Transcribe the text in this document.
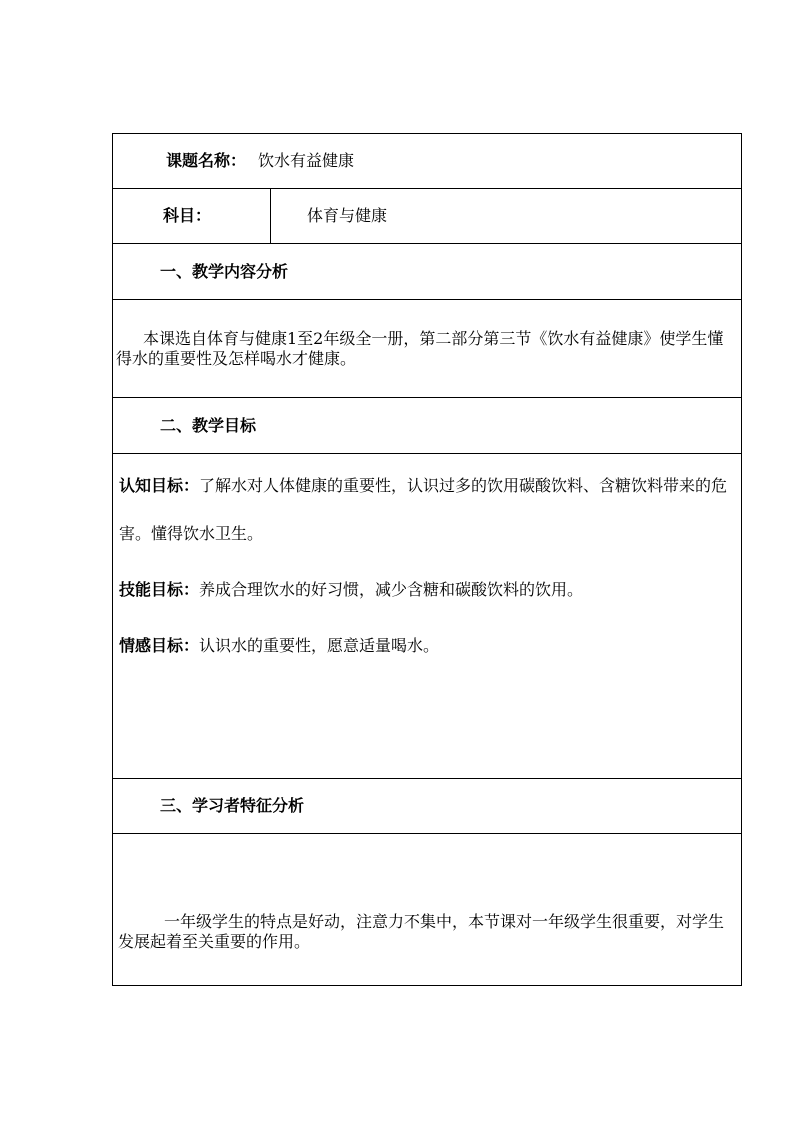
课题名称： 饮水有益健康
科目：	体育与健康
一、教学内容分析
本课选自体育与健康1至2年级全一册，第二部分第三节《饮水有益健康》使学生懂得水的重要性及怎样喝水才健康。
二、教学目标

认知目标：了解水对人体健康的重要性，认识过多的饮用碳酸饮料、含糖饮料带来的危害。懂得饮水卫生。

技能目标：养成合理饮水的好习惯，减少含糖和碳酸饮料的饮用。

情感目标：认识水的重要性，愿意适量喝水。

三、学习者特征分析

一年级学生的特点是好动，注意力不集中，本节课对一年级学生很重要，对学生发展起着至关重要的作用。
